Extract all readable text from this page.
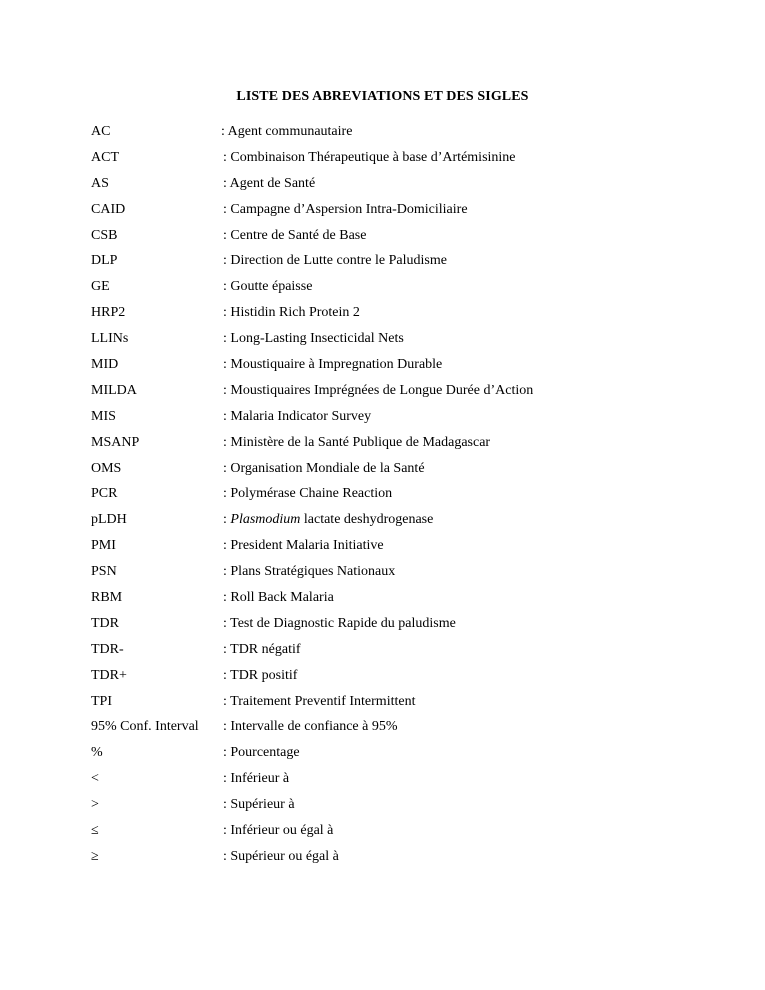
LISTE DES ABREVIATIONS ET DES SIGLES
AC	: Agent communautaire
ACT	: Combinaison Thérapeutique à base d’Artémisinine
AS	: Agent de Santé
CAID	: Campagne d’Aspersion Intra-Domiciliaire
CSB	: Centre de Santé de Base
DLP	: Direction de Lutte contre le Paludisme
GE	: Goutte épaisse
HRP2	: Histidin Rich Protein 2
LLINs	: Long-Lasting Insecticidal Nets
MID	: Moustiquaire à Impregnation Durable
MILDA	: Moustiquaires Imprégnées de Longue Durée d’Action
MIS	: Malaria Indicator Survey
MSANP	: Ministère de la Santé Publique de Madagascar
OMS	: Organisation Mondiale de la Santé
PCR	: Polymérase Chaine Reaction
pLDH	: Plasmodium lactate deshydrogenase
PMI	: President Malaria Initiative
PSN	: Plans Stratégiques Nationaux
RBM	: Roll Back Malaria
TDR	: Test de Diagnostic Rapide du paludisme
TDR-	: TDR négatif
TDR+	: TDR positif
TPI	: Traitement Preventif Intermittent
95% Conf. Interval : Intervalle de confiance à 95%
%	: Pourcentage
<	: Inférieur à
>	: Supérieur à
≤	: Inférieur ou égal à
≥	: Supérieur ou égal à
